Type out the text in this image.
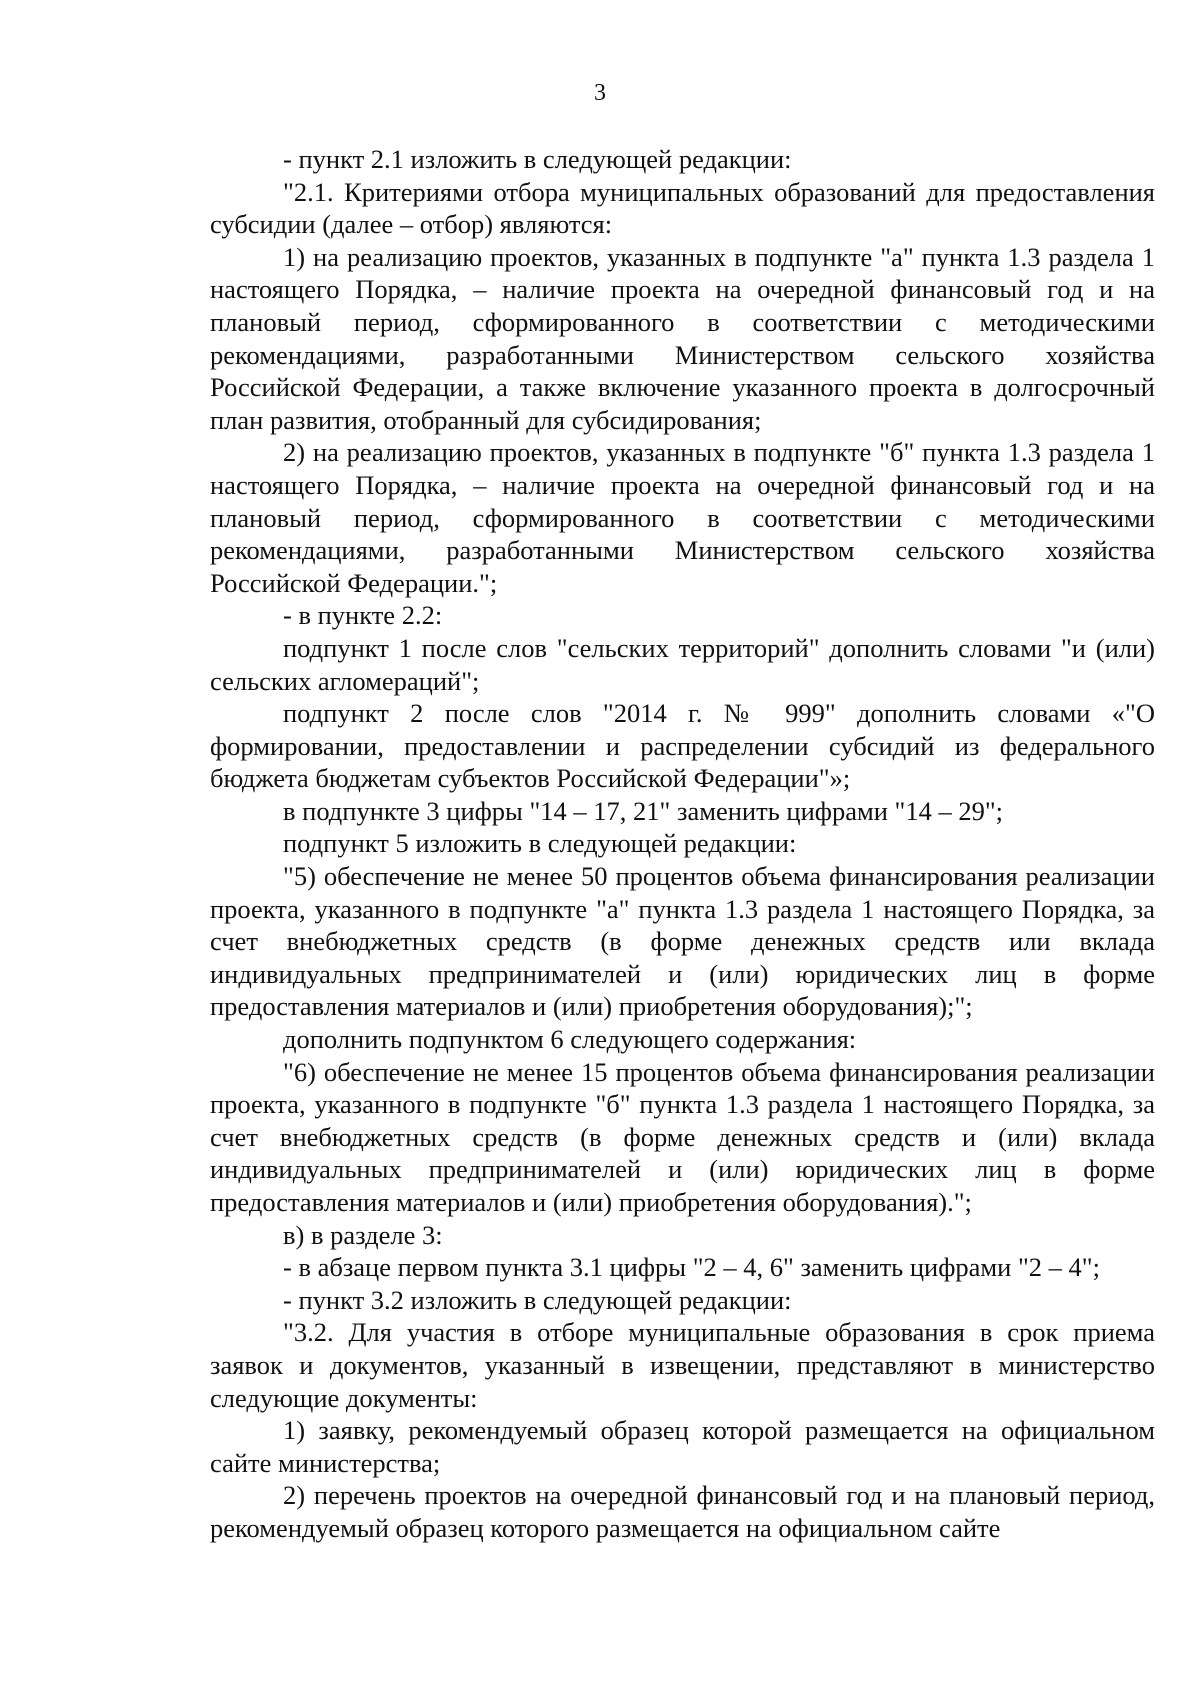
3

- пункт 2.1 изложить в следующей редакции:

"2.1. Критериями отбора муниципальных образований для предоставления субсидии (далее – отбор) являются:

1) на реализацию проектов, указанных в подпункте "а" пункта 1.3 раздела 1 настоящего Порядка, – наличие проекта на очередной финансовый год и на плановый период, сформированного в соответствии с методическими рекомендациями, разработанными Министерством сельского хозяйства Российской Федерации, а также включение указанного проекта в долгосрочный план развития, отобранный для субсидирования;

2) на реализацию проектов, указанных в подпункте "б" пункта 1.3 раздела 1 настоящего Порядка, – наличие проекта на очередной финансовый год и на плановый период, сформированного в соответствии с методическими рекомендациями, разработанными Министерством сельского хозяйства Российской Федерации.";

- в пункте 2.2:

подпункт 1 после слов "сельских территорий" дополнить словами "и (или) сельских агломераций";

подпункт 2 после слов "2014 г. № 999" дополнить словами «"О формировании, предоставлении и распределении субсидий из федерального бюджета бюджетам субъектов Российской Федерации"»;

в подпункте 3 цифры "14 – 17, 21" заменить цифрами "14 – 29";

подпункт 5 изложить в следующей редакции:

"5) обеспечение не менее 50 процентов объема финансирования реализации проекта, указанного в подпункте "а" пункта 1.3 раздела 1 настоящего Порядка, за счет внебюджетных средств (в форме денежных средств или вклада индивидуальных предпринимателей и (или) юридических лиц в форме предоставления материалов и (или) приобретения оборудования);";

дополнить подпунктом 6 следующего содержания:

"6) обеспечение не менее 15 процентов объема финансирования реализации проекта, указанного в подпункте "б" пункта 1.3 раздела 1 настоящего Порядка, за счет внебюджетных средств (в форме денежных средств и (или) вклада индивидуальных предпринимателей и (или) юридических лиц в форме предоставления материалов и (или) приобретения оборудования).";

в) в разделе 3:

- в абзаце первом пункта 3.1 цифры "2 – 4, 6" заменить цифрами "2 – 4";

- пункт 3.2 изложить в следующей редакции:

"3.2. Для участия в отборе муниципальные образования в срок приема заявок и документов, указанный в извещении, представляют в министерство следующие документы:

1) заявку, рекомендуемый образец которой размещается на официальном сайте министерства;

2) перечень проектов на очередной финансовый год и на плановый период, рекомендуемый образец которого размещается на официальном сайте
